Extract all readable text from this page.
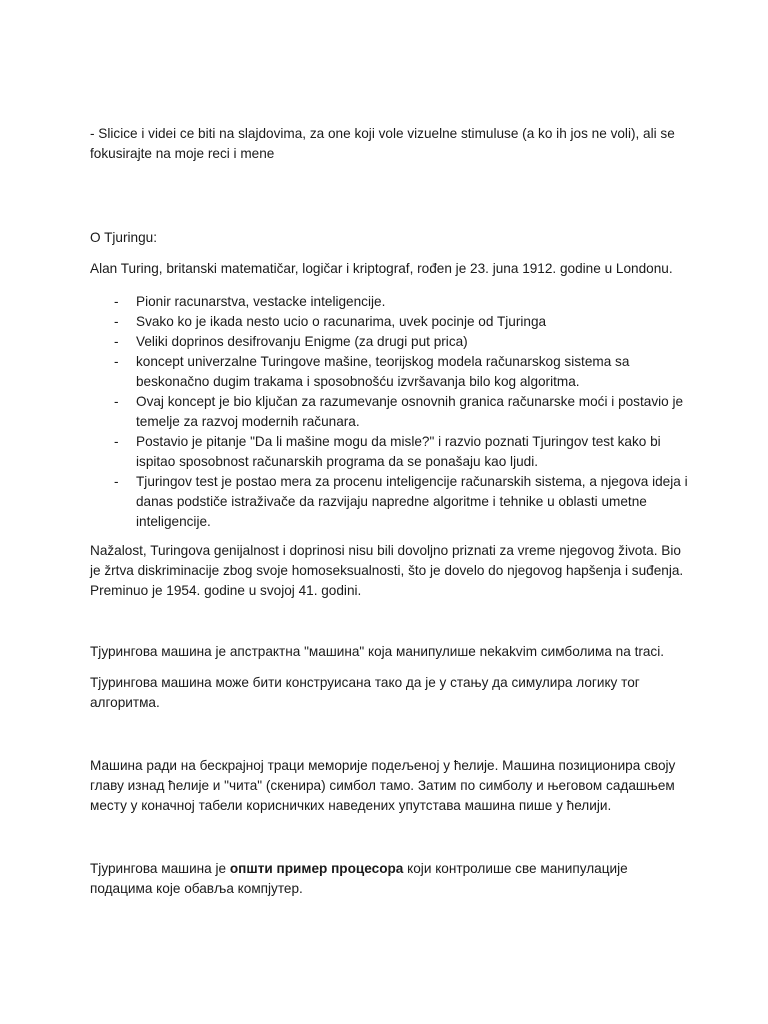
- Slicice i videi ce biti na slajdovima, za one koji vole vizuelne stimuluse (a ko ih jos ne voli), ali se fokusirajte na moje reci i mene

O Tjuringu:

Alan Turing, britanski matematičar, logičar i kriptograf, rođen je 23. juna 1912. godine u Londonu.

- Pionir racunarstva, vestacke inteligencije.
- Svako ko je ikada nesto ucio o racunarima, uvek pocinje od Tjuringa
- Veliki doprinos desifrovanju Enigme (za drugi put prica)
- koncept univerzalne Turingove mašine, teorijskog modela računarskog sistema sa beskonačno dugim trakama i sposobnošću izvršavanja bilo kog algoritma.
- Ovaj koncept je bio ključan za razumevanje osnovnih granica računarske moći i postavio je temelje za razvoj modernih računara.
- Postavio je pitanje "Da li mašine mogu da misle?" i razvio poznati Tjuringov test kako bi ispitao sposobnost računarskih programa da se ponašaju kao ljudi.
- Tjuringov test je postao mera za procenu inteligencije računarskih sistema, a njegova ideja i danas podstiče istraživače da razvijaju napredne algoritme i tehnike u oblasti umetne inteligencije.

Nažalost, Turingova genijalnost i doprinosi nisu bili dovoljno priznati za vreme njegovog života. Bio je žrtva diskriminacije zbog svoje homoseksualnosti, što je dovelo do njegovog hapšenja i suđenja. Preminuo je 1954. godine u svojoj 41. godini.

Тјурингова машина је апстрактна "машина" која манипулише nekakvim симболима na traci.

Тјурингова машина може бити конструисана тако да је у стању да симулира логику тог алгоритма.

Машина ради на бескрајној траци меморије подељеној у ћелије. Машина позиционира своју главу изнад ћелије и "чита" (скенира) симбол тамо. Затим по симболу и његовом садашњем месту у коначној табели корисничких наведених упутстава машина пише у ћелији.

Тјурингова машина је општи пример процесора који контролише све манипулације подацима које обавља компјутер.
